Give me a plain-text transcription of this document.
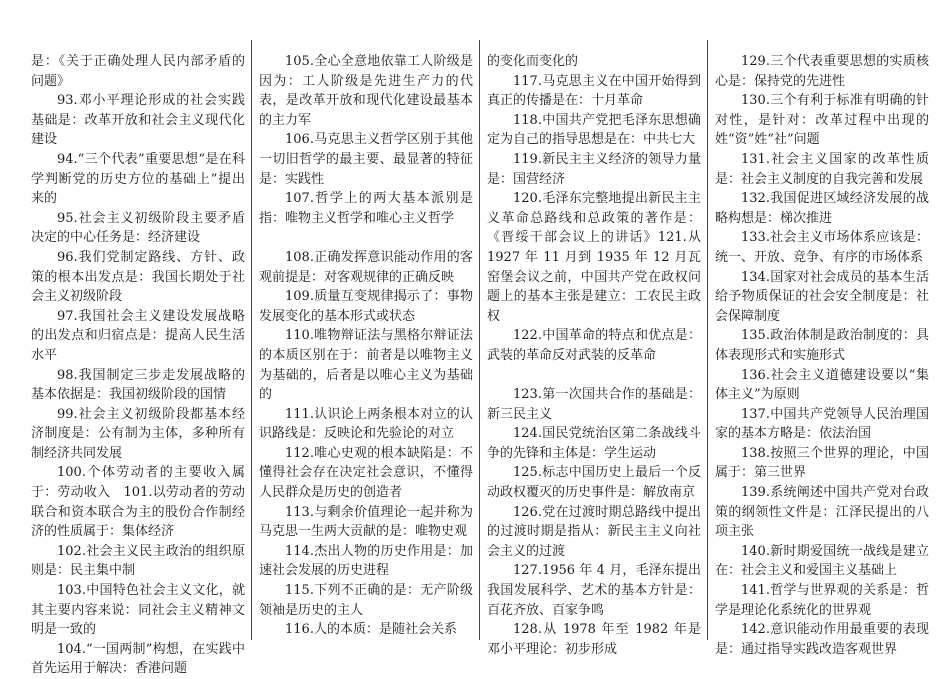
是：《关于正确处理人民内部矛盾的问题》

93.邓小平理论形成的社会实践基础是：改革开放和社会主义现代化建设

94.“三个代表”重要思想“是在科学判断党的历史方位的基础上”提出来的

95.社会主义初级阶段主要矛盾决定的中心任务是：经济建设

96.我们党制定路线、方针、政策的根本出发点是：我国长期处于社会主义初级阶段

97.我国社会主义建设发展战略的出发点和归宿点是：提高人民生活水平

98.我国制定三步走发展战略的基本依据是：我国初级阶段的国情

99.社会主义初级阶段都基本经济制度是：公有制为主体，多种所有制经济共同发展

100.个体劳动者的主要收入属于：劳动收入　101.以劳动者的劳动联合和资本联合为主的股份合作制经济的性质属于：集体经济

102.社会主义民主政治的组织原则是：民主集中制

103.中国特色社会主义文化，就其主要内容来说：同社会主义精神文明是一致的

104.“一国两制”构想，在实践中首先运用于解决：香港问题

105.全心全意地依靠工人阶级是因为：工人阶级是先进生产力的代表，是改革开放和现代化建设最基本的主力军

106.马克思主义哲学区别于其他一切旧哲学的最主要、最显著的特征是：实践性

107.哲学上的两大基本派别是指：唯物主义哲学和唯心主义哲学

108.正确发挥意识能动作用的客观前提是：对客观规律的正确反映

109.质量互变规律揭示了：事物发展变化的基本形式或状态

110.唯物辩证法与黑格尔辩证法的本质区别在于：前者是以唯物主义为基础的，后者是以唯心主义为基础的

111.认识论上两条根本对立的认识路线是：反映论和先验论的对立

112.唯心史观的根本缺陷是：不懂得社会存在决定社会意识，不懂得人民群众是历史的创造者

113.与剩余价值理论一起并称为马克思一生两大贡献的是：唯物史观

114.杰出人物的历史作用是：加速社会发展的历史进程

115.下列不正确的是：无产阶级领袖是历史的主人

116.人的本质：是随社会关系

的变化而变化的

117.马克思主义在中国开始得到真正的传播是在：十月革命

118.中国共产党把毛泽东思想确定为自己的指导思想是在：中共七大

119.新民主主义经济的领导力量是：国营经济

120.毛泽东完整地提出新民主主义革命总路线和总政策的著作是：《晋绥干部会议上的讲话》121.从 1927 年 11 月到 1935 年 12 月瓦窑堡会议之前，中国共产党在政权问题上的基本主张是建立：工农民主政权

122.中国革命的特点和优点是：武装的革命反对武装的反革命

123.第一次国共合作的基础是：新三民主义

124.国民党统治区第二条战线斗争的先锋和主体是：学生运动

125.标志中国历史上最后一个反动政权覆灭的历史事件是：解放南京

126.党在过渡时期总路线中提出的过渡时期是指从：新民主主义向社会主义的过渡

127.1956 年 4 月，毛泽东提出我国发展科学、艺术的基本方针是：百花齐放、百家争鸣

128.从 1978 年至 1982 年是邓小平理论：初步形成

129.三个代表重要思想的实质核心是：保持党的先进性

130.三个有利于标准有明确的针对性，是针对：改革过程中出现的姓“资”姓“社”问题

131.社会主义国家的改革性质是：社会主义制度的自我完善和发展

132.我国促进区域经济发展的战略构想是：梯次推进

133.社会主义市场体系应该是：统一、开放、竞争、有序的市场体系

134.国家对社会成员的基本生活给予物质保证的社会安全制度是：社会保障制度

135.政治体制是政治制度的：具体表现形式和实施形式

136.社会主义道德建设要以“集体主义”为原则

137.中国共产党领导人民治理国家的基本方略是：依法治国

138.按照三个世界的理论，中国属于：第三世界

139.系统阐述中国共产党对台政策的纲领性文件是：江泽民提出的八项主张

140.新时期爱国统一战线是建立在：社会主义和爱国主义基础上

141.哲学与世界观的关系是：哲学是理论化系统化的世界观

142.意识能动作用最重要的表现是：通过指导实践改造客观世界
